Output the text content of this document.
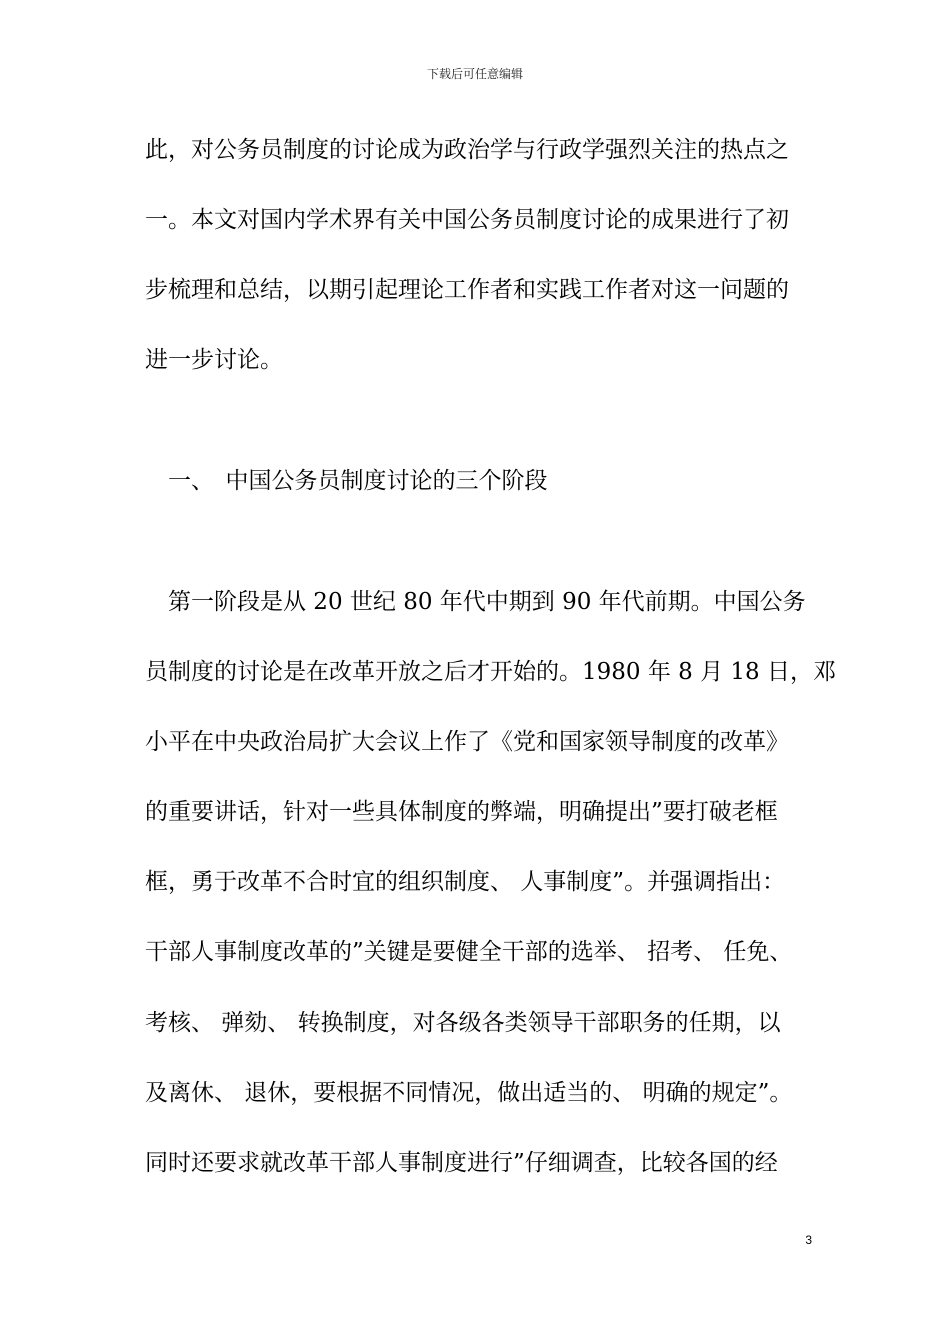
下载后可任意编辑
此，对公务员制度的讨论成为政治学与行政学强烈关注的热点之
一。本文对国内学术界有关中国公务员制度讨论的成果进行了初
步梳理和总结，以期引起理论工作者和实践工作者对这一问题的
进一步讨论。
　一、　中国公务员制度讨论的三个阶段
　第一阶段是从 20 世纪 80 年代中期到 90 年代前期。中国公务
员制度的讨论是在改革开放之后才开始的。1980 年 8 月 18 日，邓
小平在中央政治局扩大会议上作了《党和国家领导制度的改革》
的重要讲话，针对一些具体制度的弊端，明确提出”要打破老框
框，勇于改革不合时宜的组织制度、 人事制度”。并强调指出：
干部人事制度改革的”关键是要健全干部的选举、 招考、 任免、
考核、 弹劾、 转换制度，对各级各类领导干部职务的任期，以
及离休、 退休，要根据不同情况，做出适当的、 明确的规定”。
同时还要求就改革干部人事制度进行”仔细调查，比较各国的经
3
